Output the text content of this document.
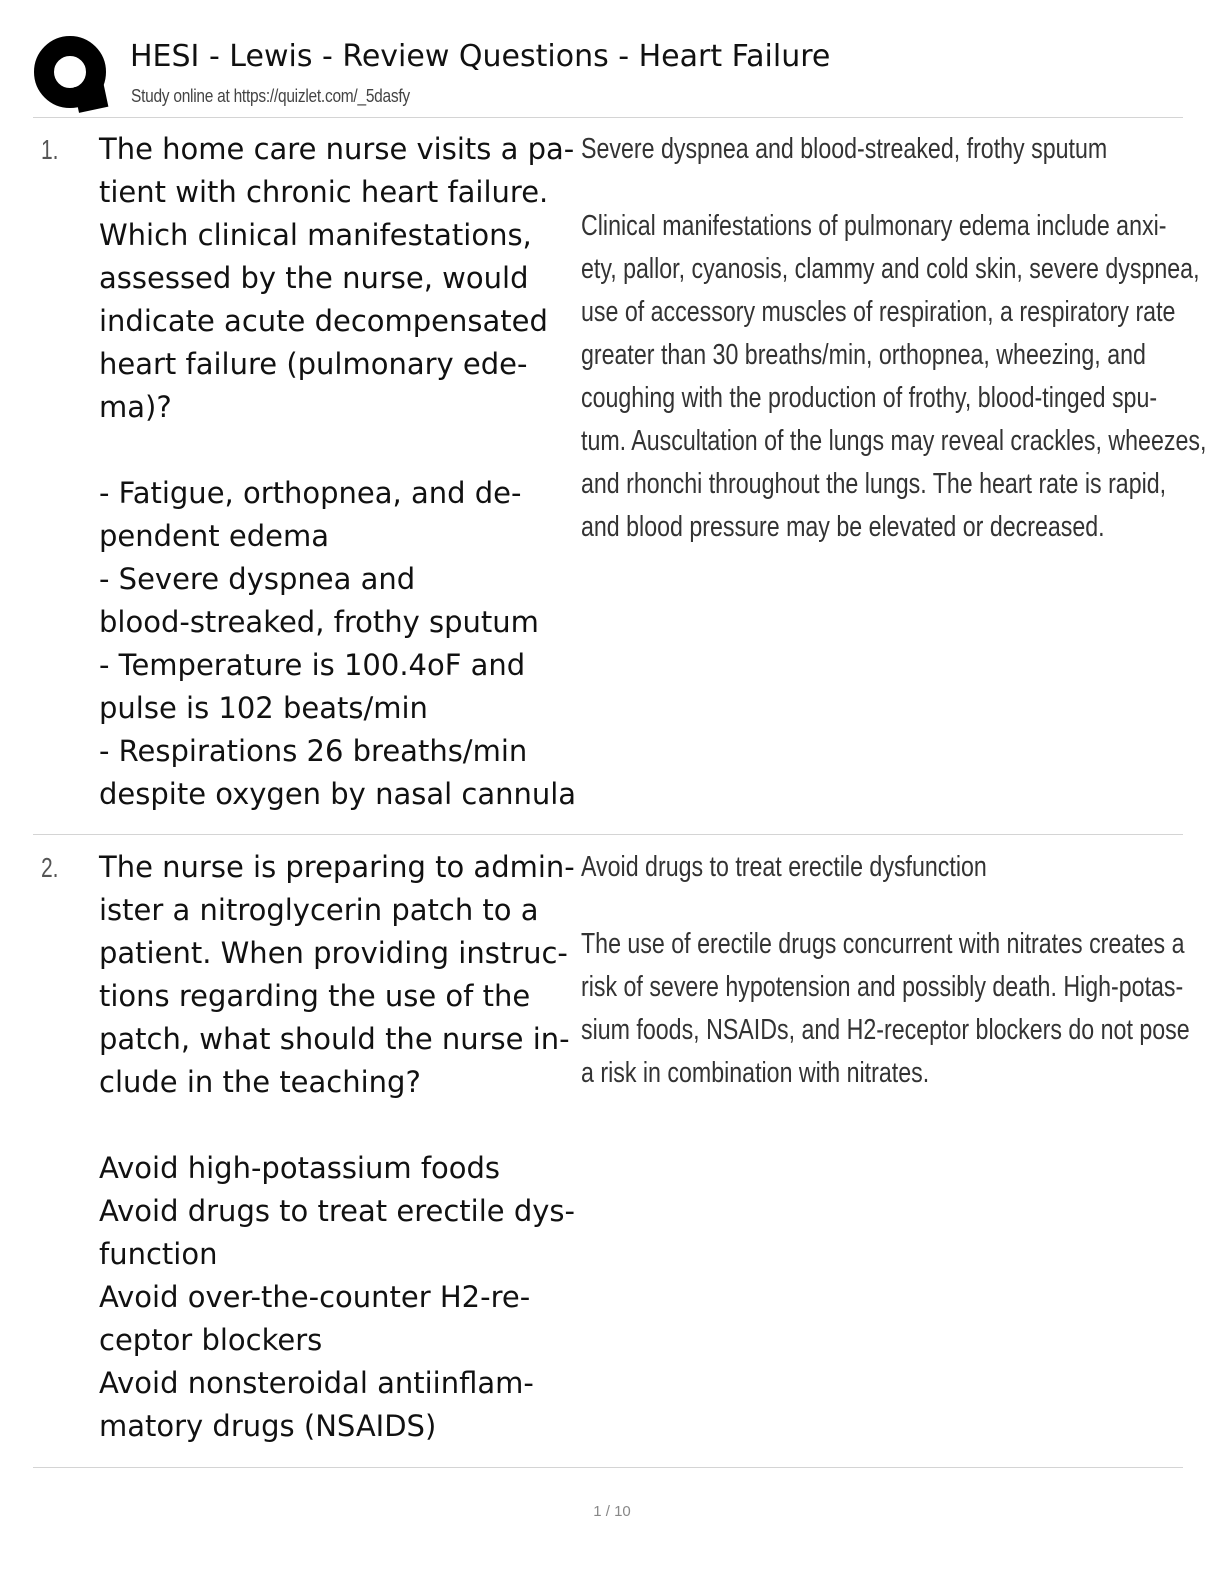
HESI - Lewis - Review Questions - Heart Failure
Study online at https://quizlet.com/_5dasfy
1. The home care nurse visits a pa-
tient with chronic heart failure.
Which clinical manifestations,
assessed by the nurse, would
indicate acute decompensated
heart failure (pulmonary ede-
ma)?
- Fatigue, orthopnea, and de-
pendent edema
- Severe dyspnea and
blood-streaked, frothy sputum
- Temperature is 100.4oF and
pulse is 102 beats/min
- Respirations 26 breaths/min
despite oxygen by nasal cannula
Severe dyspnea and blood-streaked, frothy sputum
Clinical manifestations of pulmonary edema include anxi-
ety, pallor, cyanosis, clammy and cold skin, severe dyspnea,
use of accessory muscles of respiration, a respiratory rate
greater than 30 breaths/min, orthopnea, wheezing, and
coughing with the production of frothy, blood-tinged spu-
tum. Auscultation of the lungs may reveal crackles, wheezes,
and rhonchi throughout the lungs. The heart rate is rapid,
and blood pressure may be elevated or decreased.
2. The nurse is preparing to admin-
ister a nitroglycerin patch to a
patient. When providing instruc-
tions regarding the use of the
patch, what should the nurse in-
clude in the teaching?
Avoid high-potassium foods
Avoid drugs to treat erectile dys-
function
Avoid over-the-counter H2-re-
ceptor blockers
Avoid nonsteroidal antiinflam-
matory drugs (NSAIDS)
Avoid drugs to treat erectile dysfunction
The use of erectile drugs concurrent with nitrates creates a
risk of severe hypotension and possibly death. High-potas-
sium foods, NSAIDs, and H2-receptor blockers do not pose
a risk in combination with nitrates.
1 / 10
